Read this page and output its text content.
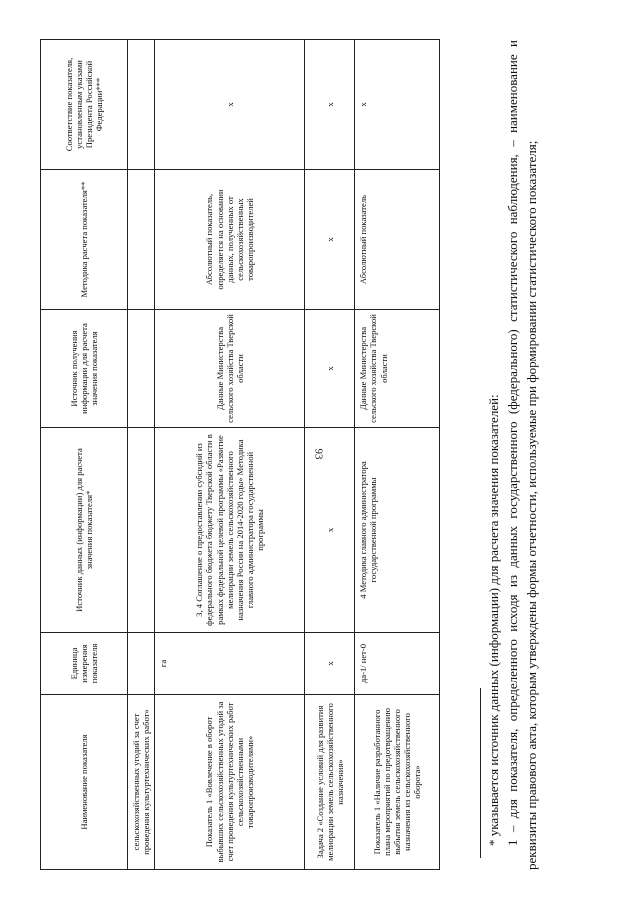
93
Наименование показателя	Единица измерения показателя	Источник данных (информации) для расчета значения показателя*	Источник получения информации для расчета значения показателя	Методика расчета показателя**	Соответствие показателя, установленным указами Президента Российской Федерации***
сельскохозяйственных угодий за счет проведения культуртехнических работ»					
Показатель 1 «Вовлечение в оборот выбывших сельскохозяйственных угодий за счет проведения культуртехнических работ сельскохозяйственными товаропроизводителями»	га	3, 4 Соглашение о предоставлении субсидий из федерального бюджета бюджету Тверской области в рамках федеральной целевой программы «Развитие мелиорации земель сельскохозяйственного назначения России на 2014-2020 годы» Методика главного администратора государственной программы	Данные Министерства сельского хозяйства Тверской области	Абсолютный показатель, определяется на основании данных, полученных от сельскохозяйственных товаропроизводителей	х
Задача 2 «Создание условий для развития мелиорации земель сельскохозяйственного назначения»	х	х	х	х	х
Показатель 1 «Наличие разработанного плана мероприятий по предотвращению выбытия земель сельскохозяйственного назначения из сельскохозяйственного оборота»	да-1/ нет-0	4 Методика главного администратора государственной программы	Данные Министерства сельского хозяйства Тверской области	Абсолютный показатель	х

* указывается источник данных (информации) для расчета значения показателей: 1 – для показателя, определенного исходя из данных государственного (федерального) статистического наблюдения, – наименование и реквизиты правового акта, которым утверждены формы отчетности, используемые при формировании статистического показателя;
